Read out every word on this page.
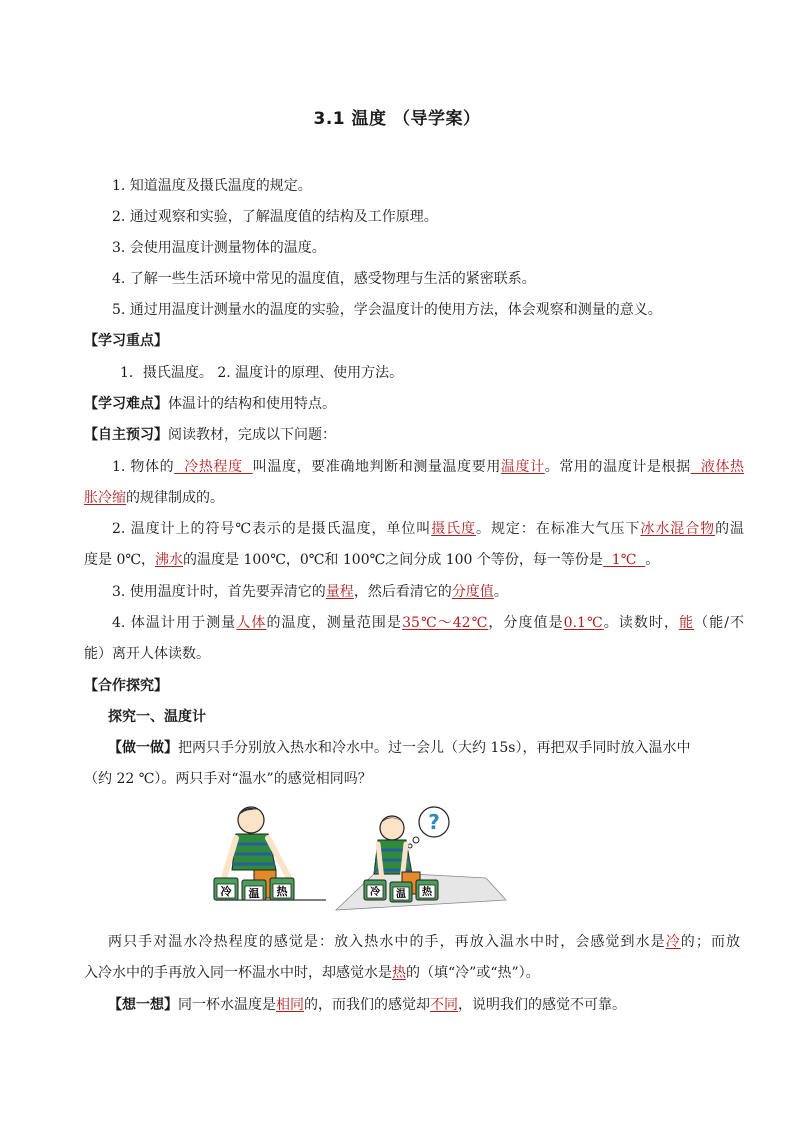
3.1 温度 （导学案）
1. 知道温度及摄氏温度的规定。
2. 通过观察和实验，了解温度值的结构及工作原理。
3. 会使用温度计测量物体的温度。
4. 了解一些生活环境中常见的温度值，感受物理与生活的紧密联系。
5. 通过用温度计测量水的温度的实验，学会温度计的使用方法，体会观察和测量的意义。
【学习重点】
1．摄氏温度。 2. 温度计的原理、使用方法。
【学习难点】体温计的结构和使用特点。
【自主预习】阅读教材，完成以下问题：
1. 物体的  冷热程度  叫温度，要准确地判断和测量温度要用温度计。常用的温度计是根据  液体热
胀冷缩的规律制成的。
2. 温度计上的符号℃表示的是摄氏温度，单位叫摄氏度。规定：在标准大气压下冰水混合物的温
度是 0℃，沸水的温度是 100℃，0℃和 100℃之间分成 100 个等份，每一等份是  1℃  。
3. 使用温度计时，首先要弄清它的量程，然后看清它的分度值。
4. 体温计用于测量人体的温度，测量范围是35℃～42℃，分度值是0.1℃。读数时，能（能/不
能）离开人体读数。
【合作探究】
探究一、温度计
【做一做】把两只手分别放入热水和冷水中。过一会儿（大约 15s），再把双手同时放入温水中
（约 22 ℃）。两只手对“温水”的感觉相同吗？
冷 温 热
?
冷 温 热
两只手对温水冷热程度的感觉是：放入热水中的手，再放入温水中时，会感觉到水是冷的；而放
入冷水中的手再放入同一杯温水中时，却感觉水是热的（填“冷”或“热”）。
【想一想】同一杯水温度是相同的，而我们的感觉却不同，说明我们的感觉不可靠。
